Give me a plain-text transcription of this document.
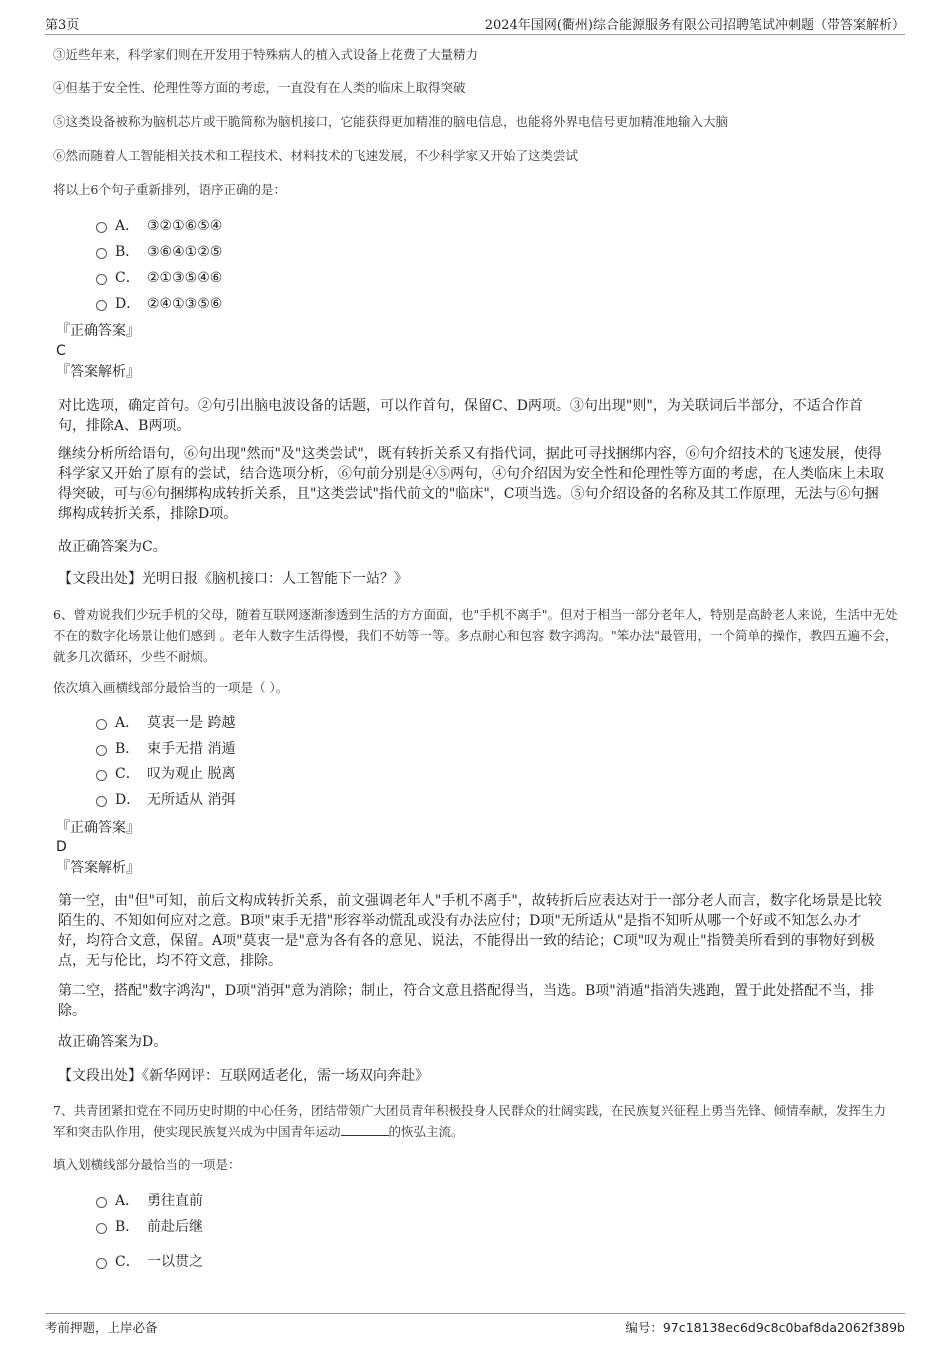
第3页	2024年国网(衢州)综合能源服务有限公司招聘笔试冲刺题（带答案解析）
③近些年来，科学家们则在开发用于特殊病人的植入式设备上花费了大量精力
④但基于安全性、伦理性等方面的考虑，一直没有在人类的临床上取得突破
⑤这类设备被称为脑机芯片或干脆简称为脑机接口，它能获得更加精准的脑电信息，也能将外界电信号更加精准地输入大脑
⑥然而随着人工智能相关技术和工程技术、材料技术的飞速发展，不少科学家又开始了这类尝试
将以上6个句子重新排列，语序正确的是：
A． ③②①⑥⑤④
B． ③⑥④①②⑤
C． ②①③⑤④⑥
D． ②④①③⑤⑥
『正确答案』
C
『答案解析』
对比选项，确定首句。②句引出脑电波设备的话题，可以作首句，保留C、D两项。③句出现"则"，为关联词后半部分，不适合作首句，排除A、B两项。
继续分析所给语句，⑥句出现"然而"及"这类尝试"，既有转折关系又有指代词，据此可寻找捆绑内容，⑥句介绍技术的飞速发展，使得科学家又开始了原有的尝试，结合选项分析，⑥句前分别是④⑤两句，④句介绍因为安全性和伦理性等方面的考虑，在人类临床上未取得突破，可与⑥句捆绑构成转折关系，且"这类尝试"指代前文的"临床"，C项当选。⑤句介绍设备的名称及其工作原理，无法与⑥句捆绑构成转折关系，排除D项。
故正确答案为C。
【文段出处】光明日报《脑机接口：人工智能下一站？》
6、曾劝说我们少玩手机的父母，随着互联网逐渐渗透到生活的方方面面，也"手机不离手"。但对于相当一部分老年人，特别是高龄老人来说，生活中无处不在的数字化场景让他们感到 。老年人数字生活得慢，我们不妨等一等。多点耐心和包容 数字鸿沟。"笨办法"最管用，一个简单的操作，教四五遍不会，就多几次循环，少些不耐烦。
依次填入画横线部分最恰当的一项是（ ）。
A． 莫衷一是 跨越
B． 束手无措 消遁
C． 叹为观止 脱离
D． 无所适从 消弭
『正确答案』
D
『答案解析』
第一空，由"但"可知，前后文构成转折关系，前文强调老年人"手机不离手"，故转折后应表达对于一部分老人而言，数字化场景是比较陌生的、不知如何应对之意。B项"束手无措"形容举动慌乱或没有办法应付；D项"无所适从"是指不知听从哪一个好或不知怎么办才好，均符合文意，保留。A项"莫衷一是"意为各有各的意见、说法，不能得出一致的结论；C项"叹为观止"指赞美所看到的事物好到极点，无与伦比，均不符文意，排除。
第二空，搭配"数字鸿沟"，D项"消弭"意为消除；制止，符合文意且搭配得当，当选。B项"消遁"指消失逃跑，置于此处搭配不当，排除。
故正确答案为D。
【文段出处】《新华网评：互联网适老化，需一场双向奔赴》
7、共青团紧扣党在不同历史时期的中心任务，团结带领广大团员青年积极投身人民群众的壮阔实践，在民族复兴征程上勇当先锋、倾情奉献，发挥生力军和突击队作用，使实现民族复兴成为中国青年运动	的恢弘主流。
填入划横线部分最恰当的一项是：
A． 勇往直前
B． 前赴后继
C． 一以贯之
考前押题，上岸必备	编号：97c18138ec6d9c8c0baf8da2062f389b
